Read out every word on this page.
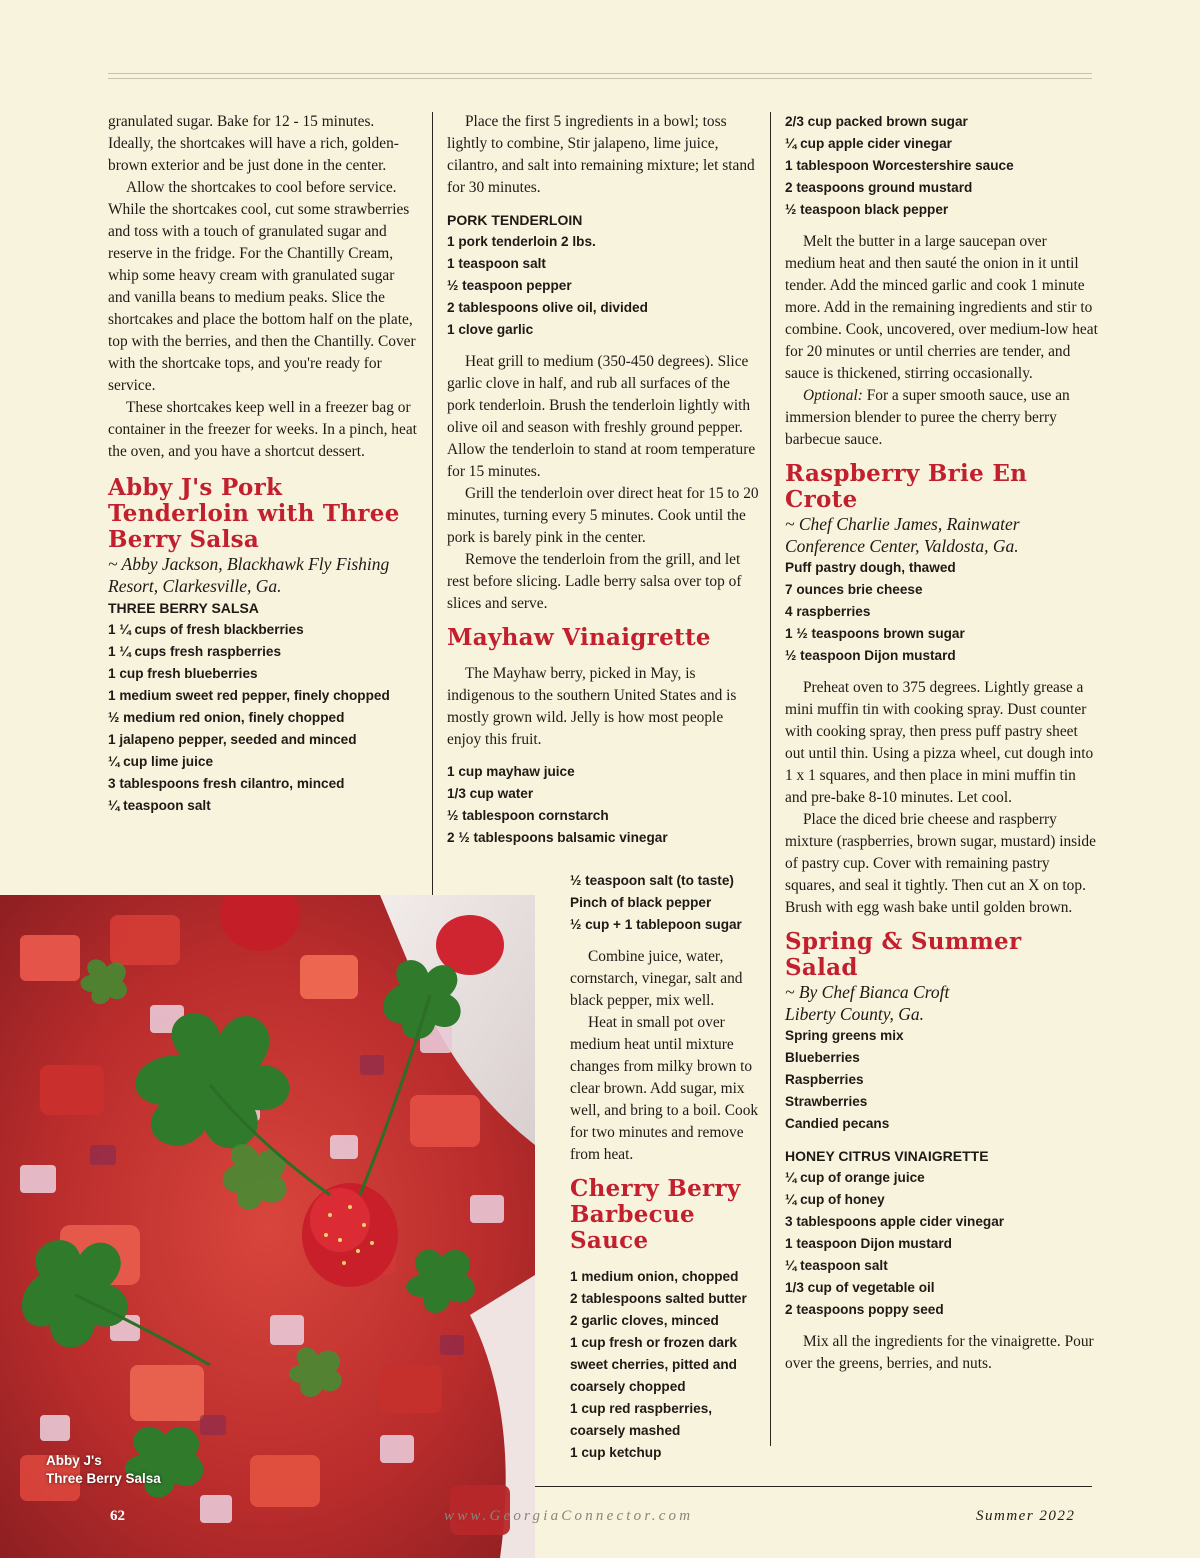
granulated sugar. Bake for 12 - 15 minutes. Ideally, the shortcakes will have a rich, golden-brown exterior and be just done in the center.

Allow the shortcakes to cool before service. While the shortcakes cool, cut some strawberries and toss with a touch of granulated sugar and reserve in the fridge. For the Chantilly Cream, whip some heavy cream with granulated sugar and vanilla beans to medium peaks. Slice the shortcakes and place the bottom half on the plate, top with the berries, and then the Chantilly. Cover with the shortcake tops, and you're ready for service.

These shortcakes keep well in a freezer bag or container in the freezer for weeks. In a pinch, heat the oven, and you have a shortcut dessert.

Abby J's Pork Tenderloin with Three Berry Salsa

~ Abby Jackson, Blackhawk Fly Fishing Resort, Clarkesville, Ga.

THREE BERRY SALSA

1 ¼ cups of fresh blackberries
1 ¼ cups fresh raspberries
1 cup fresh blueberries
1 medium sweet red pepper, finely chopped
½ medium red onion, finely chopped
1 jalapeno pepper, seeded and minced
¼ cup lime juice
3 tablespoons fresh cilantro, minced
¼ teaspoon salt

Place the first 5 ingredients in a bowl; toss lightly to combine, Stir jalapeno, lime juice, cilantro, and salt into remaining mixture; let stand for 30 minutes.

PORK TENDERLOIN

1 pork tenderloin 2 lbs.
1 teaspoon salt
½ teaspoon pepper
2 tablespoons olive oil, divided
1 clove garlic

Heat grill to medium (350-450 degrees). Slice garlic clove in half, and rub all surfaces of the pork tenderloin. Brush the tenderloin lightly with olive oil and season with freshly ground pepper. Allow the tenderloin to stand at room temperature for 15 minutes.

Grill the tenderloin over direct heat for 15 to 20 minutes, turning every 5 minutes. Cook until the pork is barely pink in the center.

Remove the tenderloin from the grill, and let rest before slicing. Ladle berry salsa over top of slices and serve.

Mayhaw Vinaigrette

The Mayhaw berry, picked in May, is indigenous to the southern United States and is mostly grown wild. Jelly is how most people enjoy this fruit.

1 cup mayhaw juice
1/3 cup water
½ tablespoon cornstarch
2 ½ tablespoons balsamic vinegar
½ teaspoon salt (to taste)
Pinch of black pepper
½ cup + 1 tablepoon sugar

Combine juice, water, cornstarch, vinegar, salt and black pepper, mix well.

Heat in small pot over medium heat until mixture changes from milky brown to clear brown. Add sugar, mix well, and bring to a boil. Cook for two minutes and remove from heat.

Cherry Berry Barbecue Sauce
1 medium onion, chopped
2 tablespoons salted butter
2 garlic cloves, minced
1 cup fresh or frozen dark sweet cherries, pitted and coarsely chopped
1 cup red raspberries, coarsely mashed
1 cup ketchup
2/3 cup packed brown sugar
¼ cup apple cider vinegar
1 tablespoon Worcestershire sauce
2 teaspoons ground mustard
½ teaspoon black pepper

Melt the butter in a large saucepan over medium heat and then sauté the onion in it until tender. Add the minced garlic and cook 1 minute more. Add in the remaining ingredients and stir to combine. Cook, uncovered, over medium-low heat for 20 minutes or until cherries are tender, and sauce is thickened, stirring occasionally.

Optional: For a super smooth sauce, use an immersion blender to puree the cherry berry barbecue sauce.

Raspberry Brie En Crote

~ Chef Charlie James, Rainwater Conference Center, Valdosta, Ga.

Puff pastry dough, thawed
7 ounces brie cheese
4 raspberries
1 ½ teaspoons brown sugar
½ teaspoon Dijon mustard

Preheat oven to 375 degrees. Lightly grease a mini muffin tin with cooking spray. Dust counter with cooking spray, then press puff pastry sheet out until thin. Using a pizza wheel, cut dough into 1 x 1 squares, and then place in mini muffin tin and pre-bake 8-10 minutes. Let cool.

Place the diced brie cheese and raspberry mixture (raspberries, brown sugar, mustard) inside of pastry cup. Cover with remaining pastry squares, and seal it tightly. Then cut an X on top. Brush with egg wash bake until golden brown.

Spring & Summer Salad

~ By Chef Bianca Croft
Liberty County, Ga.

Spring greens mix
Blueberries
Raspberries
Strawberries
Candied pecans

HONEY CITRUS VINAIGRETTE

¼ cup of orange juice
¼ cup of honey
3 tablespoons apple cider vinegar
1 teaspoon Dijon mustard
¼ teaspoon salt
1/3 cup of vegetable oil
2 teaspoons poppy seed

Mix all the ingredients for the vinaigrette. Pour over the greens, berries, and nuts.

Abby J's
Three Berry Salsa
62	www.GeorgiaConnector.com	Summer 2022
